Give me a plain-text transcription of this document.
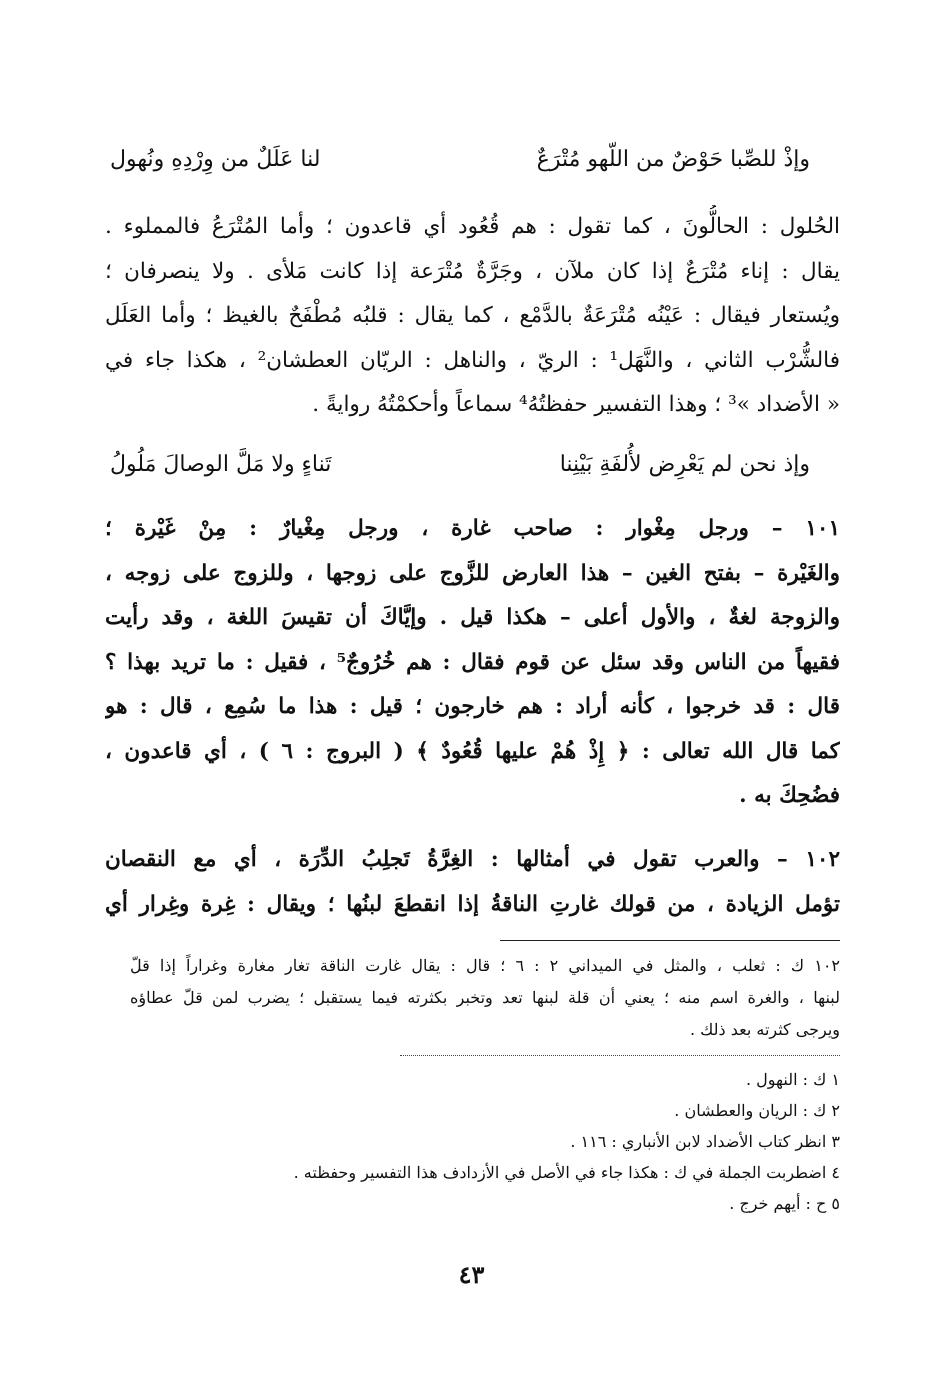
وإذْ للصِّبا حَوْضٌ من اللّهو مُتْرَعٌ
لنا عَلَلٌ من وِرْدِهِ ونُهول
الحُلول : الحالُّونَ ، كما تقول : هم قُعُود أي قاعدون ؛ وأما المُتْرَعُ فالمملوء .
يقال : إناء مُتْرَعٌ إذا كان ملآن ، وجَرَّةٌ مُتْرَعة إذا كانت مَلأى . ولا ينصرفان ؛
ويُستعار فيقال : عَيْنُه مُتْرَعَةٌ بالدَّمْع ، كما يقال : قلبُه مُطْفَحٌ بالغيظ ؛ وأما العَلَل
فالشُّرْب الثاني ، والنَّهَل¹ : الريّ ، والناهل : الريّان العطشان² ، هكذا جاء في
« الأضداد »³ ؛ وهذا التفسير حفظتُهُ⁴ سماعاً وأحكمْتُهُ روايةً .
وإذ نحن لم يَعْرِض لأُلفَةِ بَيْنِنا
تَناءٍ ولا مَلَّ الوصالَ مَلُولُ
١٠١ – ورجل مِغْوار : صاحب غارة ، ورجل مِغْيارٌ : مِنْ غَيْرة ؛
والغَيْرة – بفتح الغين – هذا العارض للزَّوج على زوجها ، وللزوج على زوجه ،
والزوجة لغةٌ ، والأول أعلى – هكذا قيل . وإيَّاكَ أن تقيسَ اللغة ، وقد رأيت
فقيهاً من الناس وقد سئل عن قوم فقال : هم خُرُوجٌ⁵ ، فقيل : ما تريد بهذا ؟
قال : قد خرجوا ، كأنه أراد : هم خارجون ؛ قيل : هذا ما سُمِع ، قال : هو
كما قال الله تعالى : ﴿ إِذْ هُمْ عليها قُعُودٌ ﴾ ( البروج : ٦ ) ، أي قاعدون ،
فضُحِكَ به .
١٠٢ – والعرب تقول في أمثالها : الغِرَّةُ تَجلِبُ الدِّرَة ، أي مع النقصان
تؤمل الزيادة ، من قولك غارتِ الناقةُ إذا انقطعَ لبنُها ؛ ويقال : غِرة وغِرار أي
١٠٢ ك : ثعلب ، والمثل في الميداني ٢ : ٦ ؛ قال : يقال غارت الناقة تغار مغارة وغراراً إذا قلّ
لبنها ، والغرة اسم منه ؛ يعني أن قلة لبنها تعد وتخبر بكثرته فيما يستقبل ؛ يضرب لمن قلّ عطاؤه
ويرجى كثرته بعد ذلك .
١ ك : النهول .
٢ ك : الريان والعطشان .
٣ انظر كتاب الأضداد لابن الأنباري : ١١٦ .
٤ اضطربت الجملة في ك : هكذا جاء في الأصل في الأزدادف هذا التفسير وحفظته .
٥ ح : أيهم خرج .
٤٣
